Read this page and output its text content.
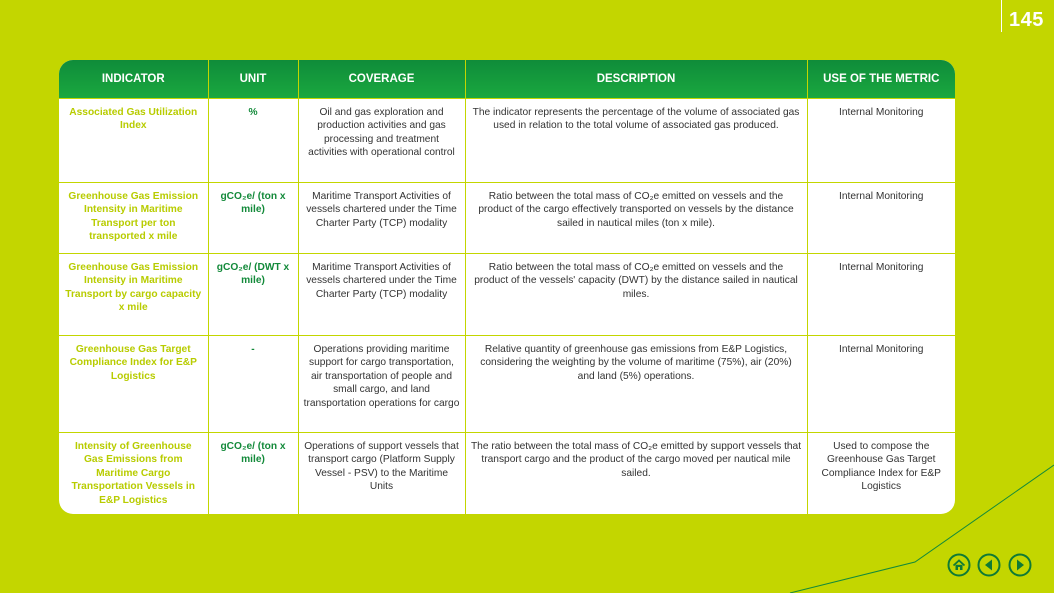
145
INDICATOR	UNIT	COVERAGE	DESCRIPTION	USE OF THE METRIC
Associated Gas Utilization Index	%	Oil and gas exploration and production activities and gas processing and treatment activities with operational control	The indicator represents the percentage of the volume of associated gas used in relation to the total volume of associated gas produced.	Internal Monitoring
Greenhouse Gas Emission Intensity in Maritime Transport per ton transported x mile	gCO₂e/ (ton x mile)	Maritime Transport Activities of vessels chartered under the Time Charter Party (TCP) modality	Ratio between the total mass of CO₂e emitted on vessels and the product of the cargo effectively transported on vessels by the distance sailed in nautical miles (ton x mile).	Internal Monitoring
Greenhouse Gas Emission Intensity in Maritime Transport by cargo capacity x mile	gCO₂e/ (DWT x mile)	Maritime Transport Activities of vessels chartered under the Time Charter Party (TCP) modality	Ratio between the total mass of CO₂e emitted on vessels and the product of the vessels' capacity (DWT) by the distance sailed in nautical miles.	Internal Monitoring
Greenhouse Gas Target Compliance Index for E&P Logistics	-	Operations providing maritime support for cargo transportation, air transportation of people and small cargo, and land transportation operations for cargo	Relative quantity of greenhouse gas emissions from E&P Logistics, considering the weighting by the volume of maritime (75%), air (20%) and land (5%) operations.	Internal Monitoring
Intensity of Greenhouse Gas Emissions from Maritime Cargo Transportation Vessels in E&P Logistics	gCO₂e/ (ton x mile)	Operations of support vessels that transport cargo (Platform Supply Vessel - PSV) to the Maritime Units	The ratio between the total mass of CO₂e emitted by support vessels that transport cargo and the product of the cargo moved per nautical mile sailed.	Used to compose the Greenhouse Gas Target Compliance Index for E&P Logistics
